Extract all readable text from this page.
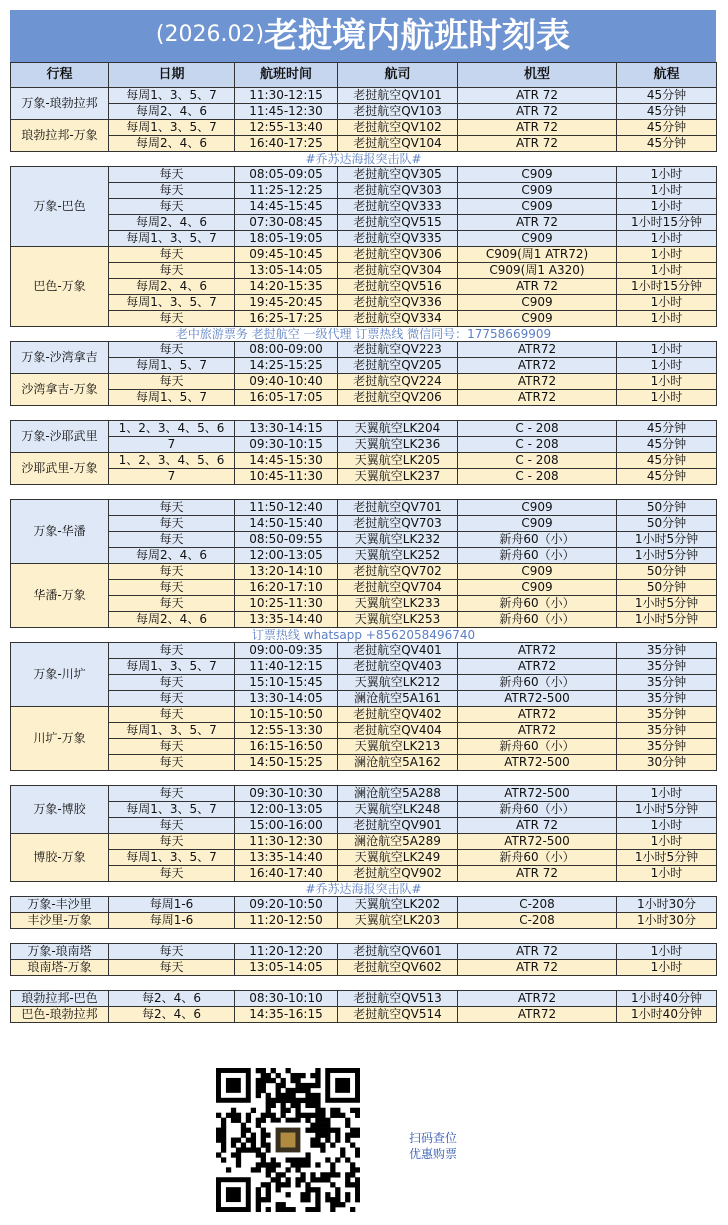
(2026.02)老挝境内航班时刻表
行程	日期	航班时间	航司	机型	航程
万象-琅勃拉邦	每周1、3、5、7	11:30-12:15	老挝航空QV101	ATR 72	45分钟
	每周2、4、6	11:45-12:30	老挝航空QV103	ATR 72	45分钟
琅勃拉邦-万象	每周1、3、5、7	12:55-13:40	老挝航空QV102	ATR 72	45分钟
	每周2、4、6	16:40-17:25	老挝航空QV104	ATR 72	45分钟
#乔苏达海报突击队#					
万象-巴色	每天	08:05-09:05	老挝航空QV305	C909	1小时
	每天	11:25-12:25	老挝航空QV303	C909	1小时
	每天	14:45-15:45	老挝航空QV333	C909	1小时
	每周2、4、6	07:30-08:45	老挝航空QV515	ATR 72	1小时15分钟
	每周1、3、5、7	18:05-19:05	老挝航空QV335	C909	1小时
巴色-万象	每天	09:45-10:45	老挝航空QV306	C909(周1 ATR72)	1小时
	每天	13:05-14:05	老挝航空QV304	C909(周1 A320)	1小时
	每周2、4、6	14:20-15:35	老挝航空QV516	ATR 72	1小时15分钟
	每周1、3、5、7	19:45-20:45	老挝航空QV336	C909	1小时
	每天	16:25-17:25	老挝航空QV334	C909	1小时
老中旅游票务 老挝航空 一级代理 订票热线 微信同号：17758669909					
万象-沙湾拿吉	每天	08:00-09:00	老挝航空QV223	ATR72	1小时
	每周1、5、7	14:25-15:25	老挝航空QV205	ATR72	1小时
沙湾拿吉-万象	每天	09:40-10:40	老挝航空QV224	ATR72	1小时
	每周1、5、7	16:05-17:05	老挝航空QV206	ATR72	1小时

万象-沙耶武里	1、2、3、4、5、6	13:30-14:15	天翼航空LK204	C - 208	45分钟
	7	09:30-10:15	天翼航空LK236	C - 208	45分钟
沙耶武里-万象	1、2、3、4、5、6	14:45-15:30	天翼航空LK205	C - 208	45分钟
	7	10:45-11:30	天翼航空LK237	C - 208	45分钟

万象-华潘	每天	11:50-12:40	老挝航空QV701	C909	50分钟
	每天	14:50-15:40	老挝航空QV703	C909	50分钟
	每天	08:50-09:55	天翼航空LK232	新舟60（小）	1小时5分钟
	每周2、4、6	12:00-13:05	天翼航空LK252	新舟60（小）	1小时5分钟
华潘-万象	每天	13:20-14:10	老挝航空QV702	C909	50分钟
	每天	16:20-17:10	老挝航空QV704	C909	50分钟
	每天	10:25-11:30	天翼航空LK233	新舟60（小）	1小时5分钟
	每周2、4、6	13:35-14:40	天翼航空LK253	新舟60（小）	1小时5分钟
订票热线 whatsapp +8562058496740					
万象-川圹	每天	09:00-09:35	老挝航空QV401	ATR72	35分钟
	每周1、3、5、7	11:40-12:15	老挝航空QV403	ATR72	35分钟
	每天	15:10-15:45	天翼航空LK212	新舟60（小）	35分钟
	每天	13:30-14:05	澜沧航空5A161	ATR72-500	35分钟
川圹-万象	每天	10:15-10:50	老挝航空QV402	ATR72	35分钟
	每周1、3、5、7	12:55-13:30	老挝航空QV404	ATR72	35分钟
	每天	16:15-16:50	天翼航空LK213	新舟60（小）	35分钟
	每天	14:50-15:25	澜沧航空5A162	ATR72-500	30分钟

万象-博胶	每天	09:30-10:30	澜沧航空5A288	ATR72-500	1小时
	每周1、3、5、7	12:00-13:05	天翼航空LK248	新舟60（小）	1小时5分钟
	每天	15:00-16:00	老挝航空QV901	ATR 72	1小时
博胶-万象	每天	11:30-12:30	澜沧航空5A289	ATR72-500	1小时
	每周1、3、5、7	13:35-14:40	天翼航空LK249	新舟60（小）	1小时5分钟
	每天	16:40-17:40	老挝航空QV902	ATR 72	1小时
#乔苏达海报突击队#					
万象-丰沙里	每周1-6	09:20-10:50	天翼航空LK202	C-208	1小时30分
丰沙里-万象	每周1-6	11:20-12:50	天翼航空LK203	C-208	1小时30分

万象-琅南塔	每天	11:20-12:20	老挝航空QV601	ATR 72	1小时
琅南塔-万象	每天	13:05-14:05	老挝航空QV602	ATR 72	1小时

琅勃拉邦-巴色	每2、4、6	08:30-10:10	老挝航空QV513	ATR72	1小时40分钟
巴色-琅勃拉邦	每2、4、6	14:35-16:15	老挝航空QV514	ATR72	1小时40分钟
扫码查位
优惠购票
